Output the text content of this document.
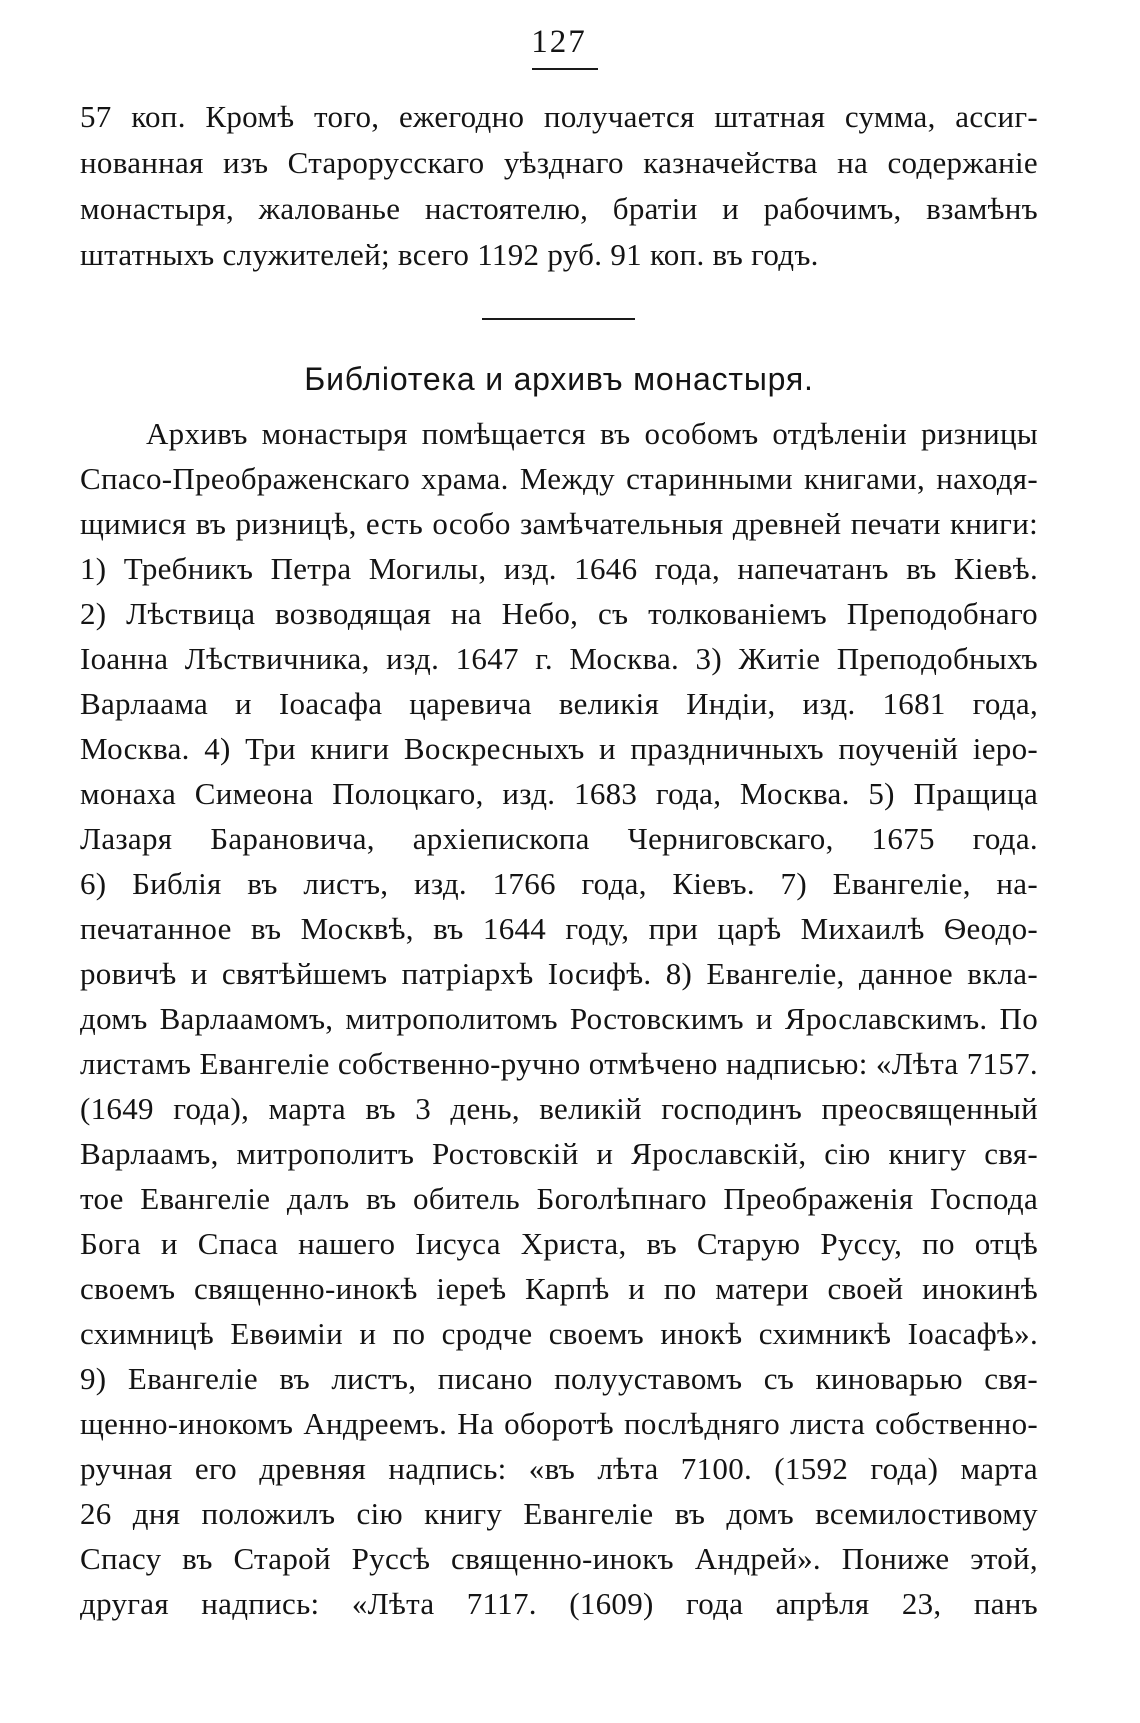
127
57 коп. Кромѣ того, ежегодно получается штатная сумма, ассиг-
нованная изъ Старорусскаго уѣзднаго казначейства на содержаніе
монастыря, жалованье настоятелю, братіи и рабочимъ, взамѣнъ
штатныхъ служителей; всего 1192 руб. 91 коп. въ годъ.
Библіотека и архивъ монастыря.
Архивъ монастыря помѣщается въ особомъ отдѣленіи ризницы
Спасо-Преображенскаго храма. Между старинными книгами, находя-
щимися въ ризницѣ, есть особо замѣчательныя древней печати книги:
1) Требникъ Петра Могилы, изд. 1646 года, напечатанъ въ Кіевѣ.
2) Лѣствица возводящая на Небо, съ толкованіемъ Преподобнаго
Іоанна Лѣствичника, изд. 1647 г. Москва. 3) Житіе Преподобныхъ
Варлаама и Іоасафа царевича великія Индіи, изд. 1681 года,
Москва. 4) Три книги Воскресныхъ и праздничныхъ поученій іеро-
монаха Симеона Полоцкаго, изд. 1683 года, Москва. 5) Пращица
Лазаря Барановича, архіепископа Черниговскаго, 1675 года.
6) Библія въ листъ, изд. 1766 года, Кіевъ. 7) Евангеліе, на-
печатанное въ Москвѣ, въ 1644 году, при царѣ Михаилѣ Ѳеодо-
ровичѣ и святѣйшемъ патріархѣ Іосифѣ. 8) Евангеліе, данное вкла-
домъ Варлаамомъ, митрополитомъ Ростовскимъ и Ярославскимъ. По
листамъ Евангеліе собственно-ручно отмѣчено надписью: «Лѣта 7157.
(1649 года), марта въ 3 день, великій господинъ преосвященный
Варлаамъ, митрополитъ Ростовскій и Ярославскій, сію книгу свя-
тое Евангеліе далъ въ обитель Боголѣпнаго Преображенія Господа
Бога и Спаса нашего Іисуса Христа, въ Старую Руссу, по отцѣ
своемъ священно-инокѣ іереѣ Карпѣ и по матери своей инокинѣ
схимницѣ Евѳиміи и по сродче своемъ инокѣ схимникѣ Іоасафѣ».
9) Евангеліе въ листъ, писано полууставомъ съ киноварью свя-
щенно-инокомъ Андреемъ. На оборотѣ послѣдняго листа собственно-
ручная его древняя надпись: «въ лѣта 7100. (1592 года) марта
26 дня положилъ сію книгу Евангеліе въ домъ всемилостивому
Спасу въ Старой Руссѣ священно-инокъ Андрей». Пониже этой,
другая надпись: «Лѣта 7117. (1609) года апрѣля 23, панъ
